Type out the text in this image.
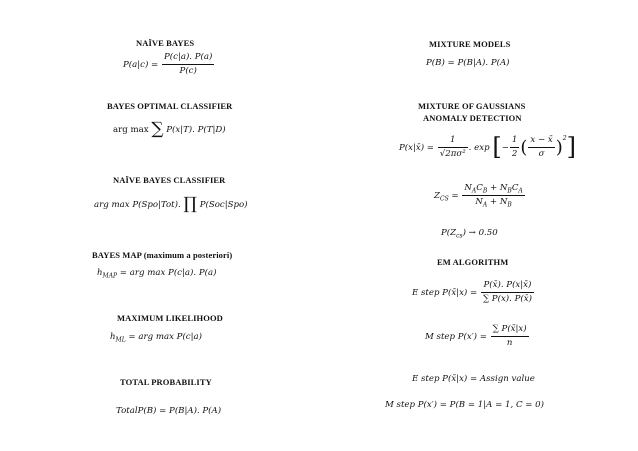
NAÏVE BAYES
$P(a|c) = \frac{P(c|a). P(a)}{P(c)}$
BAYES OPTIMAL CLASSIFIER
arg max ∑ P(x|T). P(T|D)
NAÏVE BAYES CLASSIFIER
arg max P(Spo|Tot). ∏ P(Soc|Spo)
BAYES MAP (maximum a posteriori)
$h_{MAP}$ = arg max P(c|a). P(a)
MAXIMUM LIKELIHOOD
$h_{ML}$ = arg max P(c|a)
TOTAL PROBABILITY
TotalP(B) = P(B|A). P(A)
MIXTURE MODELS
P(B) = P(B|A). P(A)
MIXTURE OF GAUSSIANS
ANOMALY DETECTION
P(x|x̄) = $\frac{1}{\text{√2πσ²}}$ . exp [− $\frac{1}{2}$ ( $\frac{x - x̄}{\sigma} )^2$]
$Z_{CS} = \frac{N_AC_B + N_BC_A}{N_A + N_B}$
$P(Z_{cs}) \to 0.50$
EM ALGORITHM
E step P(x̄|x) = $\frac{P(x̄). P(x|x̄)}{\sum P(x). P(x̄)}$
M step $P(x') = \frac{\sum P(x̄|x)}{n}$
E step P(x̄|x) = Assign value
M step P(x′) = P(B = 1|A = 1, C = 0)
